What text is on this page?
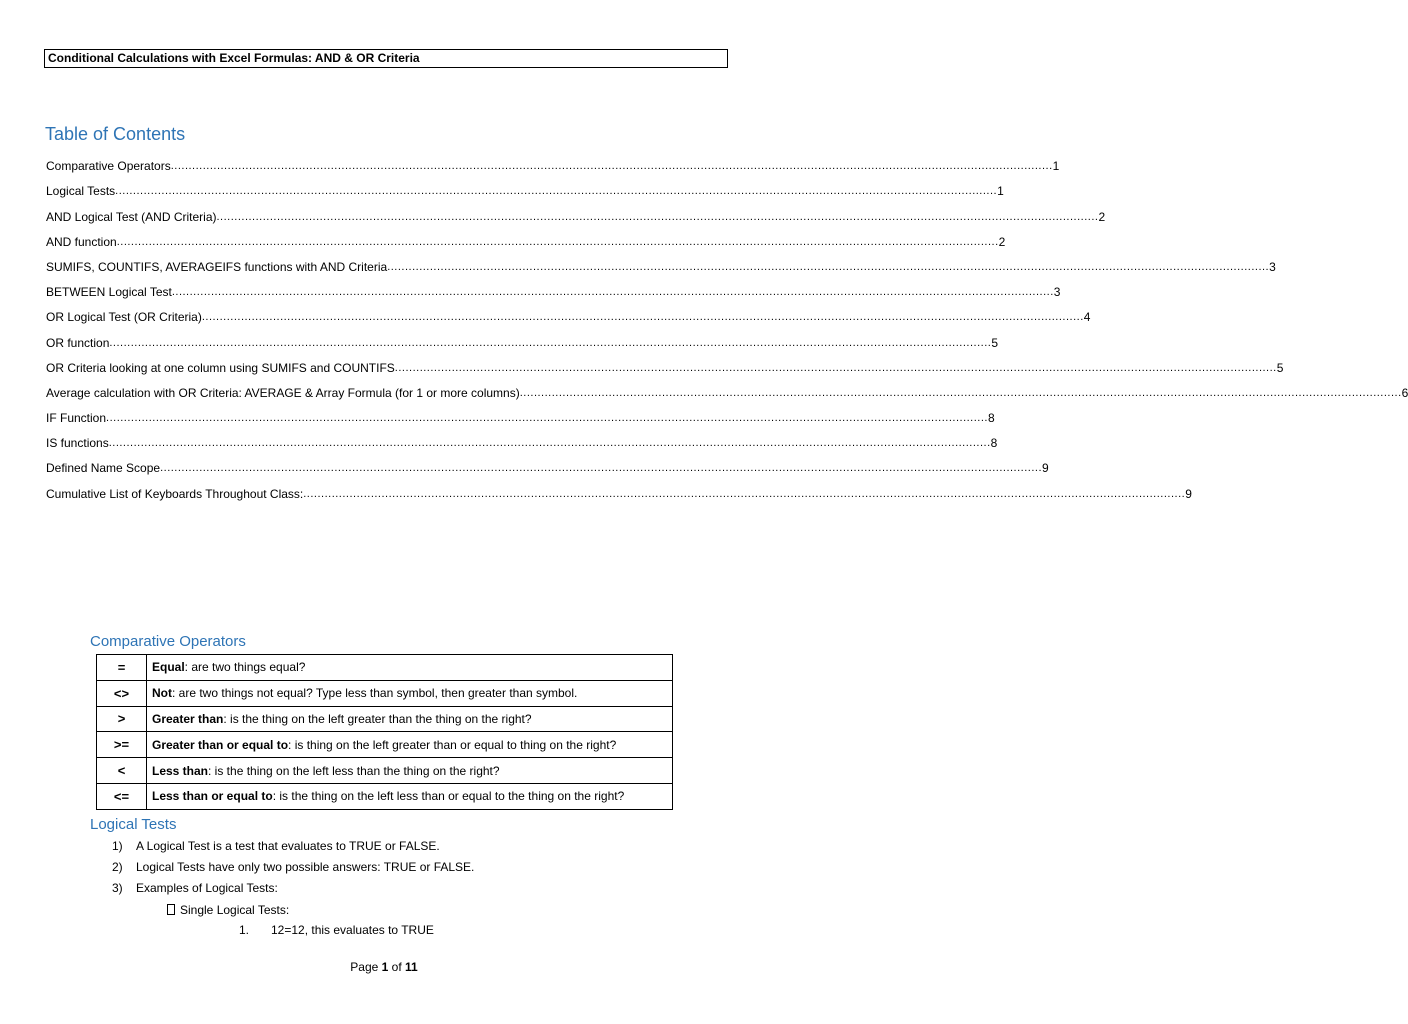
Conditional Calculations with Excel Formulas: AND & OR Criteria
Table of Contents
Comparative Operators ........................................................................................................................................................................................................................................................ 1
Logical Tests ........................................................................................................................................................................................................................................................ 1
AND Logical Test (AND Criteria) ........................................................................................................................................................................................................................................................ 2
AND function ........................................................................................................................................................................................................................................................ 2
SUMIFS, COUNTIFS, AVERAGEIFS functions with AND Criteria ........................................................................................................................................................................................................................................................ 3
BETWEEN Logical Test ........................................................................................................................................................................................................................................................ 3
OR Logical Test (OR Criteria) ........................................................................................................................................................................................................................................................ 4
OR function ........................................................................................................................................................................................................................................................ 5
OR Criteria looking at one column using SUMIFS and COUNTIFS ........................................................................................................................................................................................................................................................ 5
Average calculation with OR Criteria: AVERAGE & Array Formula (for 1 or more columns) ........................................................................................................................................................................................................................................................ 6
IF Function ........................................................................................................................................................................................................................................................ 8
IS functions ........................................................................................................................................................................................................................................................ 8
Defined Name Scope ........................................................................................................................................................................................................................................................ 9
Cumulative List of Keyboards Throughout Class: ........................................................................................................................................................................................................................................................ 9
Comparative Operators
=	Equal: are two things equal?
<>	Not: are two things not equal? Type less than symbol, then greater than symbol.
>	Greater than: is the thing on the left greater than the thing on the right?
>=	Greater than or equal to: is thing on the left greater than or equal to thing on the right?
<	Less than: is the thing on the left less than the thing on the right?
<=	Less than or equal to: is the thing on the left less than or equal to the thing on the right?
Logical Tests
1) A Logical Test is a test that evaluates to TRUE or FALSE.
2) Logical Tests have only two possible answers: TRUE or FALSE.
3) Examples of Logical Tests:
Single Logical Tests:
1. 12=12, this evaluates to TRUE
Page 1 of 11
